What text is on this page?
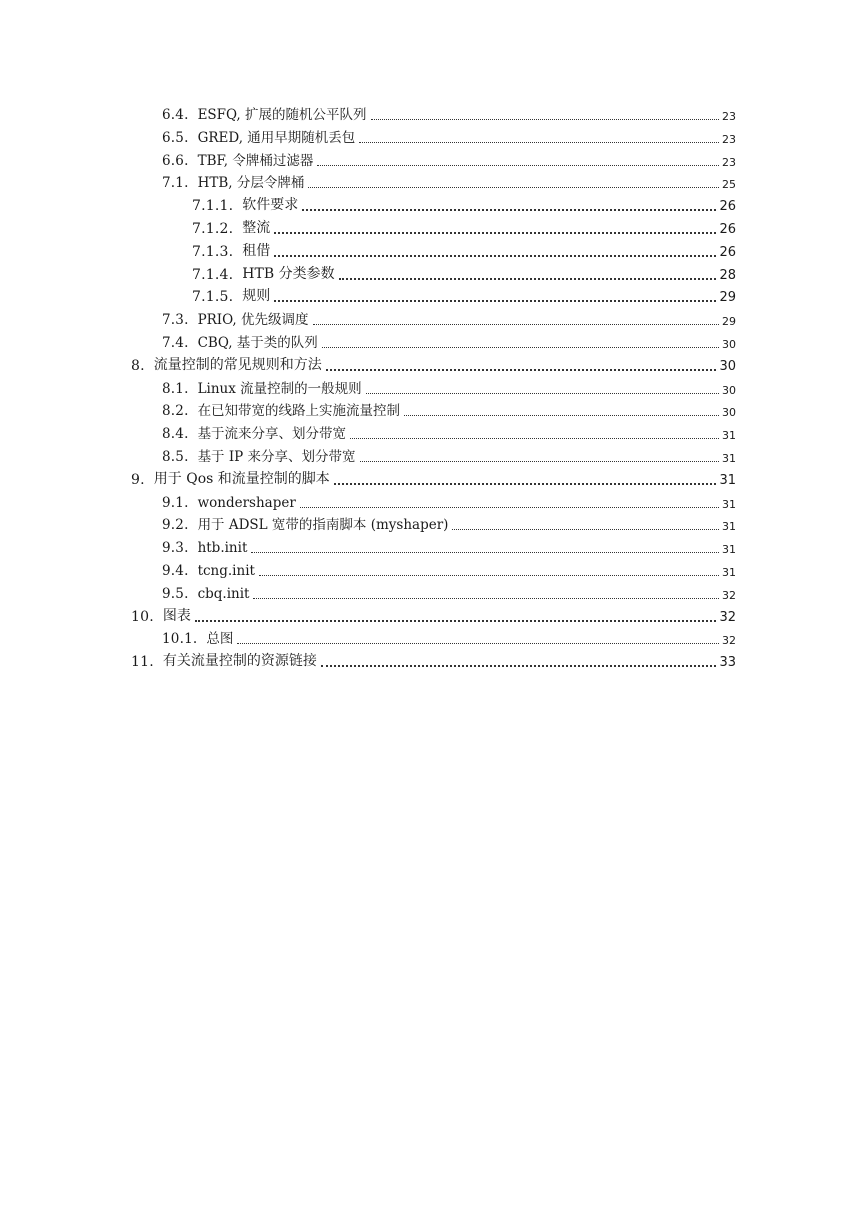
6.4. ESFQ, 扩展的随机公平队列	23
6.5. GRED, 通用早期随机丢包	23
6.6. TBF, 令牌桶过滤器	23
7.1. HTB, 分层令牌桶	25
7.1.1. 软件要求	26
7.1.2. 整流	26
7.1.3. 租借	26
7.1.4. HTB 分类参数	28
7.1.5. 规则	29
7.3. PRIO, 优先级调度	29
7.4. CBQ, 基于类的队列	30
8. 流量控制的常见规则和方法	30
8.1. Linux 流量控制的一般规则	30
8.2. 在已知带宽的线路上实施流量控制	30
8.4. 基于流来分享、划分带宽	31
8.5. 基于 IP 来分享、划分带宽	31
9. 用于 Qos 和流量控制的脚本	31
9.1. wondershaper	31
9.2. 用于 ADSL 宽带的指南脚本 (myshaper)	31
9.3. htb.init	31
9.4. tcng.init	31
9.5. cbq.init	32
10. 图表	32
10.1. 总图	32
11. 有关流量控制的资源链接	33
